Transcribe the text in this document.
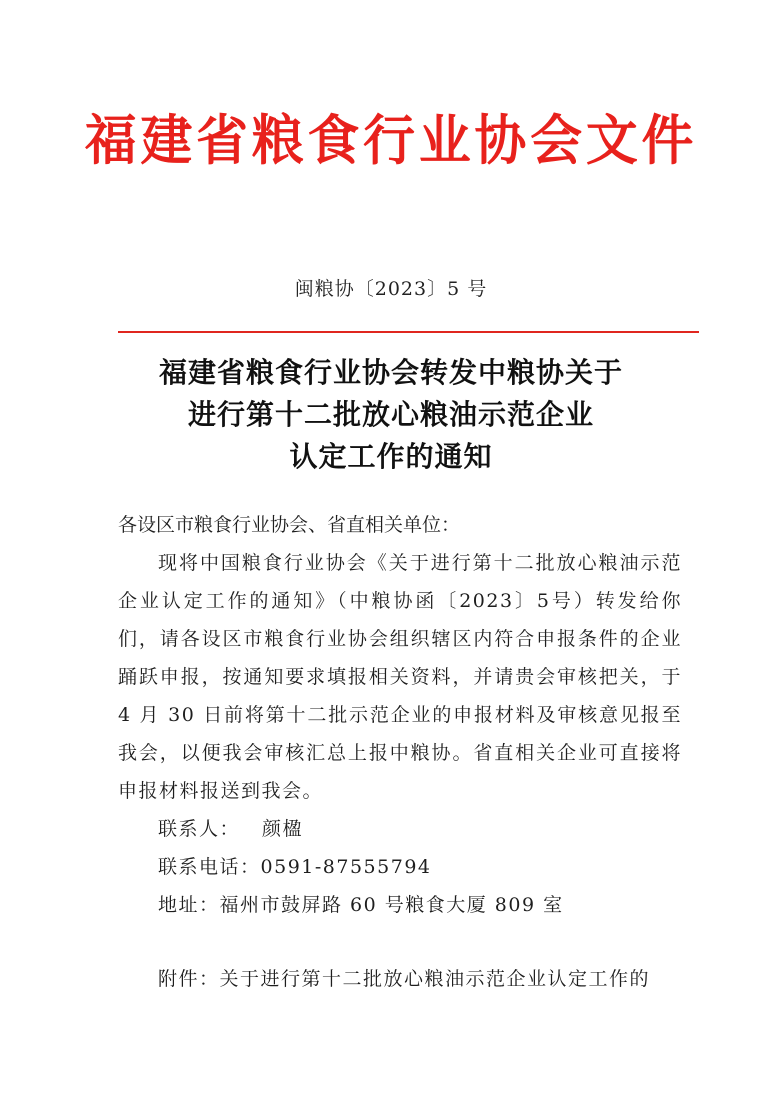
福建省粮食行业协会文件
闽粮协〔2023〕5 号
福建省粮食行业协会转发中粮协关于
进行第十二批放心粮油示范企业
认定工作的通知
各设区市粮食行业协会、省直相关单位：
现将中国粮食行业协会《关于进行第十二批放心粮油示范企业认定工作的通知》（中粮协函〔2023〕5号）转发给你们，请各设区市粮食行业协会组织辖区内符合申报条件的企业踊跃申报，按通知要求填报相关资料，并请贵会审核把关，于 4 月 30 日前将第十二批示范企业的申报材料及审核意见报至我会，以便我会审核汇总上报中粮协。省直相关企业可直接将申报材料报送到我会。
联系人： 颜楹
联系电话：0591-87555794
地址：福州市鼓屏路 60 号粮食大厦 809 室
附件：关于进行第十二批放心粮油示范企业认定工作的
